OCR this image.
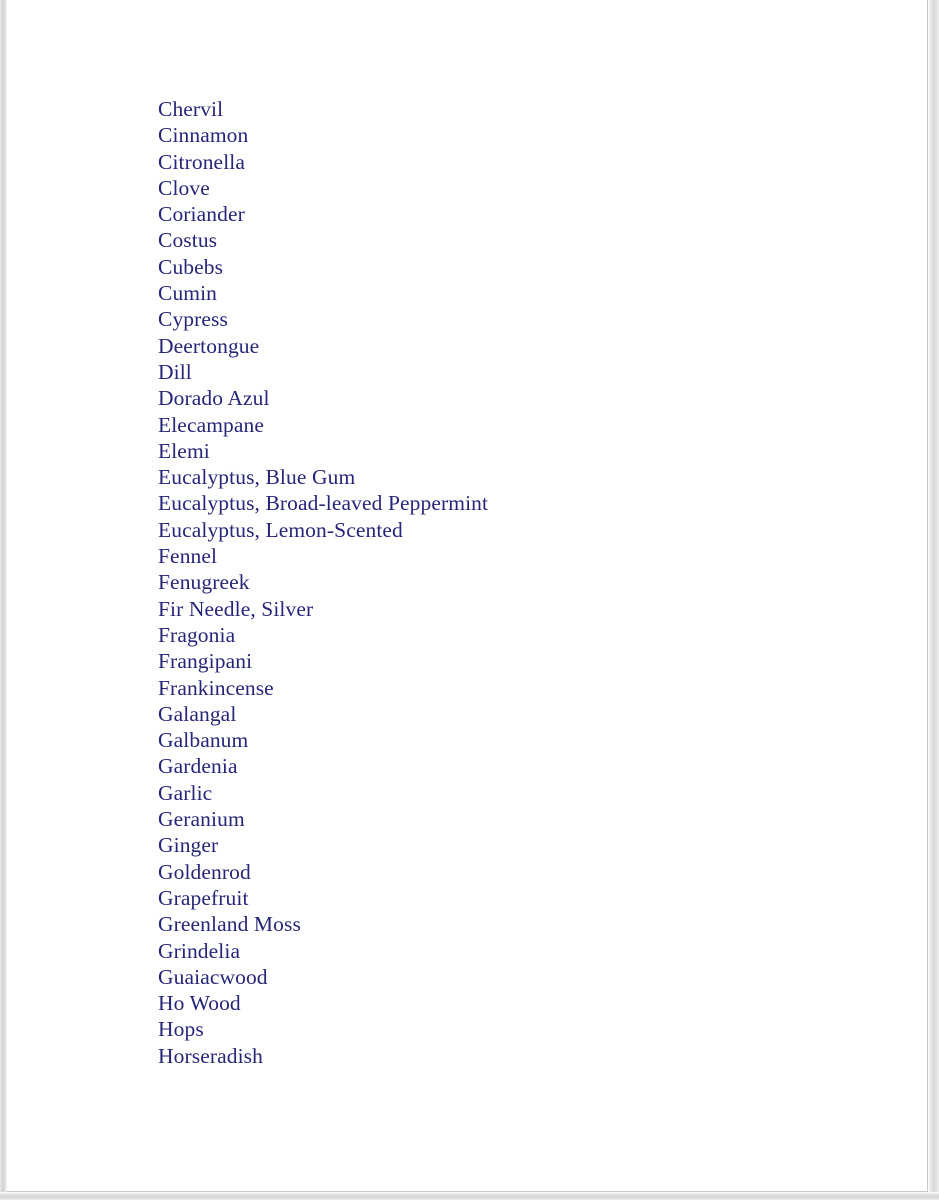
Chervil
Cinnamon
Citronella
Clove
Coriander
Costus
Cubebs
Cumin
Cypress
Deertongue
Dill
Dorado Azul
Elecampane
Elemi
Eucalyptus, Blue Gum
Eucalyptus, Broad-leaved Peppermint
Eucalyptus, Lemon-Scented
Fennel
Fenugreek
Fir Needle, Silver
Fragonia
Frangipani
Frankincense
Galangal
Galbanum
Gardenia
Garlic
Geranium
Ginger
Goldenrod
Grapefruit
Greenland Moss
Grindelia
Guaiacwood
Ho Wood
Hops
Horseradish
